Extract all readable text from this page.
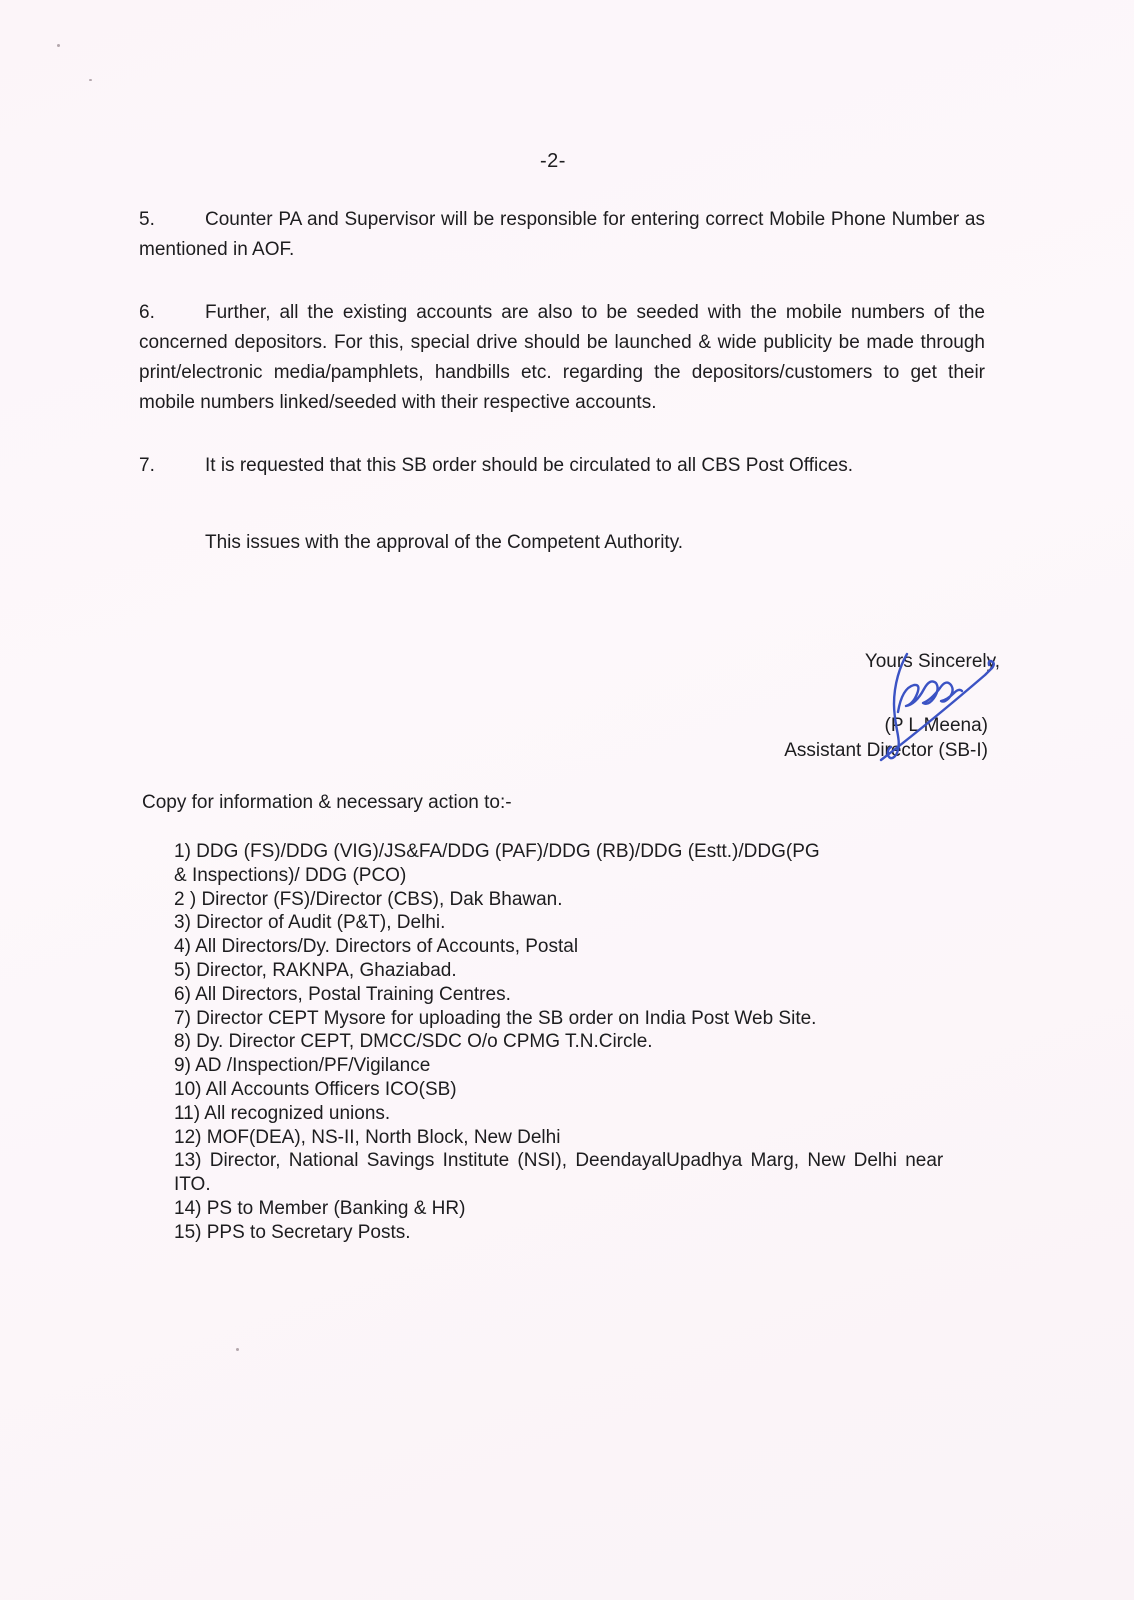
-2-

5.	Counter PA and Supervisor will be responsible for entering correct Mobile Phone Number as mentioned in AOF.

6.	Further, all the existing accounts are also to be seeded with the mobile numbers of the concerned depositors. For this, special drive should be launched & wide publicity be made through print/electronic media/pamphlets, handbills etc. regarding the depositors/customers to get their mobile numbers linked/seeded with their respective accounts.

7.	It is requested that this SB order should be circulated to all CBS Post Offices.

This issues with the approval of the Competent Authority.

Yours Sincerely,
(P L Meena)
Assistant Director (SB-I)
Copy for information & necessary action to:-
1) DDG (FS)/DDG (VIG)/JS&FA/DDG (PAF)/DDG (RB)/DDG (Estt.)/DDG(PG
& Inspections)/ DDG (PCO)
2 ) Director (FS)/Director (CBS), Dak Bhawan.
3) Director of Audit (P&T), Delhi.
4) All Directors/Dy. Directors of Accounts, Postal
5) Director, RAKNPA, Ghaziabad.
6) All Directors, Postal Training Centres.
7) Director CEPT Mysore for uploading the SB order on India Post Web Site.
8) Dy. Director CEPT, DMCC/SDC O/o CPMG T.N.Circle.
9) AD /Inspection/PF/Vigilance
10) All Accounts Officers ICO(SB)
11) All recognized unions.
12) MOF(DEA), NS-II, North Block, New Delhi
13) Director, National Savings Institute (NSI), DeendayalUpadhya Marg, New Delhi near
ITO.
14) PS to Member (Banking & HR)
15) PPS to Secretary Posts.
